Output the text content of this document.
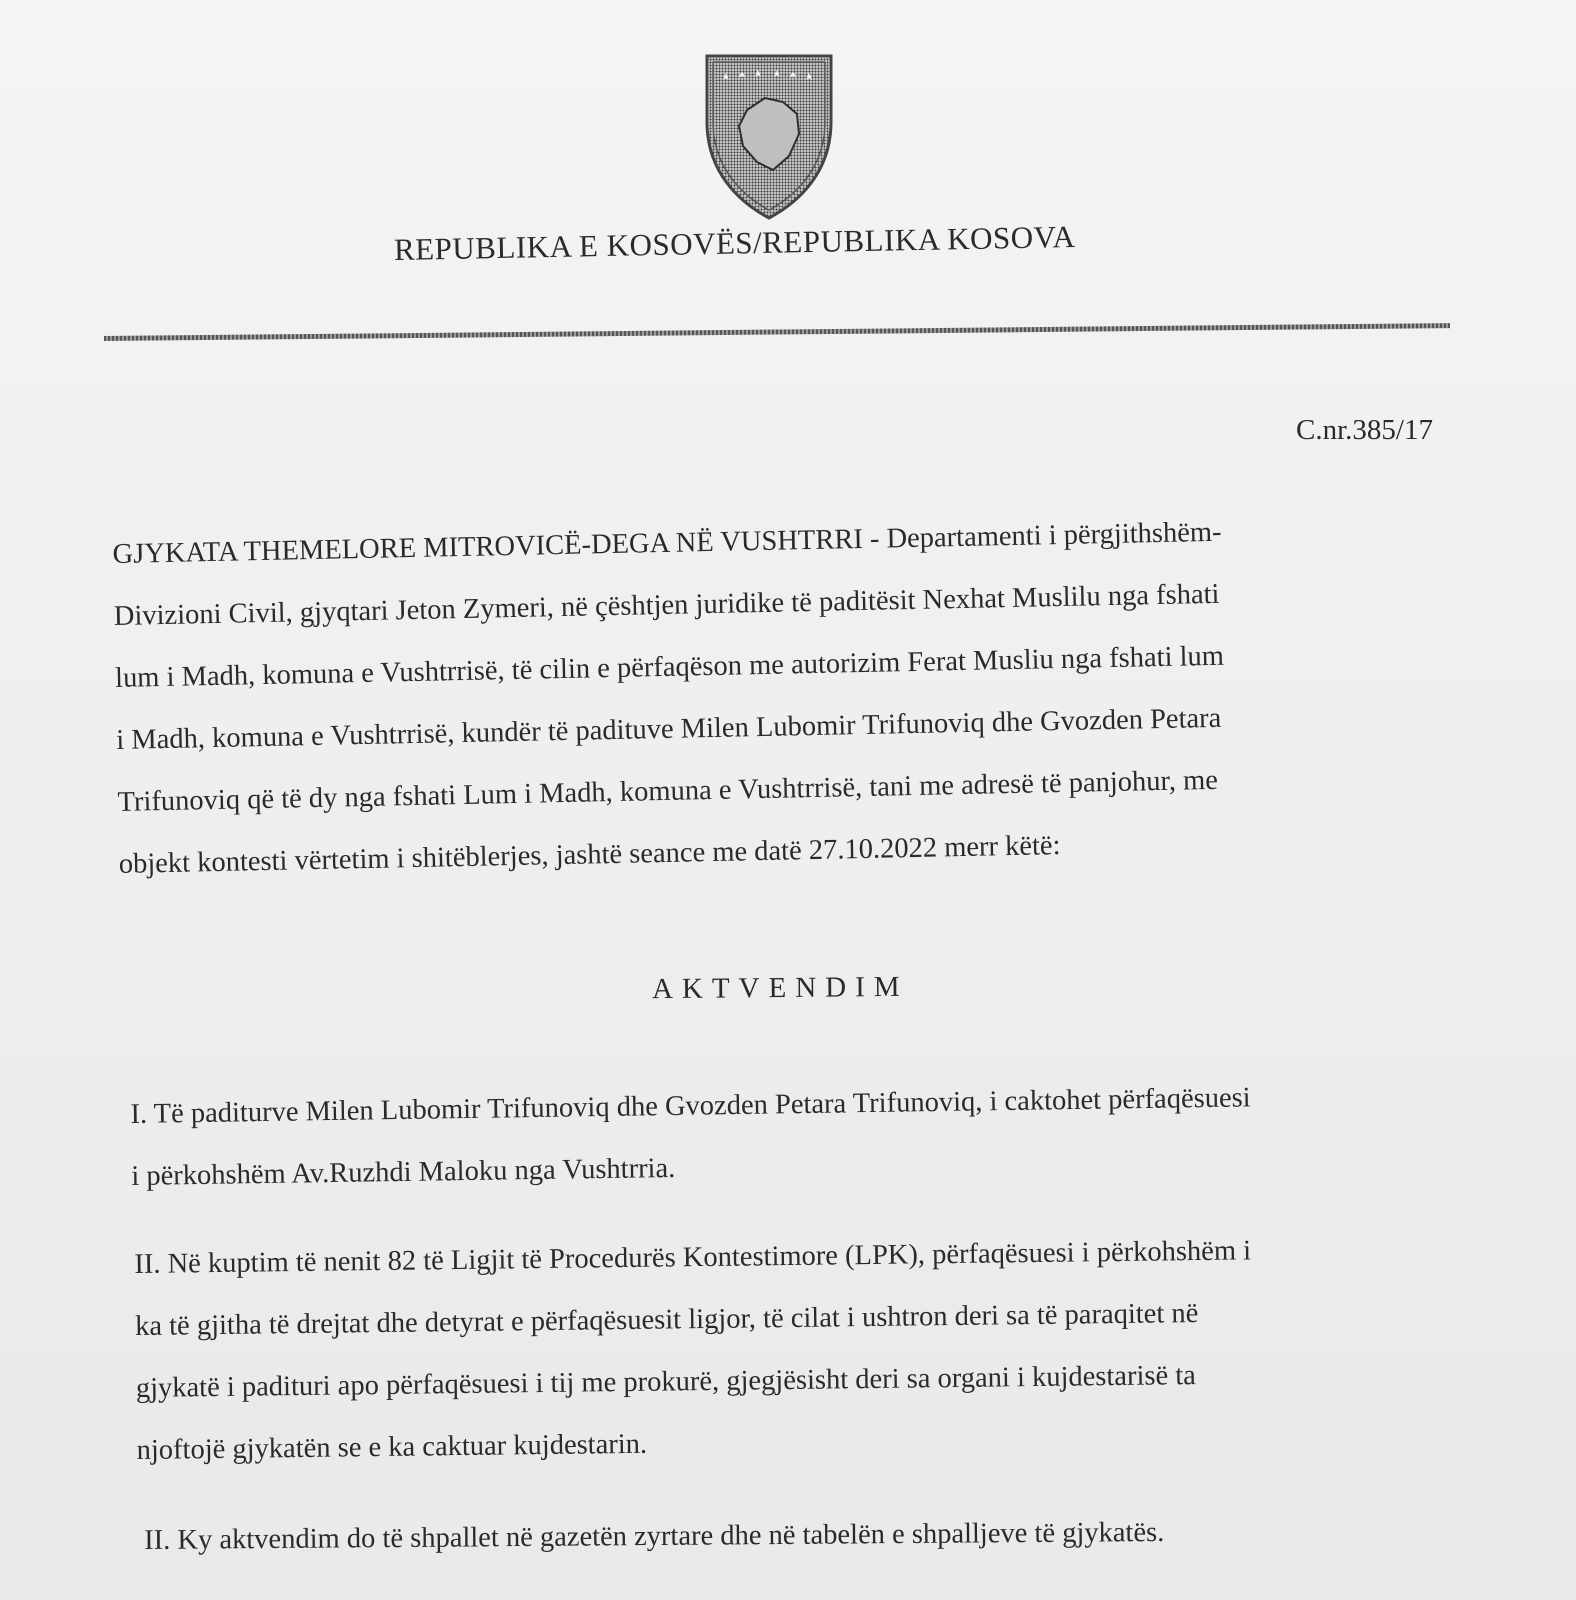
REPUBLIKA E KOSOVËS/REPUBLIKA KOSOVA
C.nr.385/17
GJYKATA THEMELORE MITROVICË-DEGA NË VUSHTRRI - Departamenti i përgjithshëm-
Divizioni Civil, gjyqtari Jeton Zymeri, në çështjen juridike të paditësit Nexhat Muslilu nga fshati
lum i Madh, komuna e Vushtrrisë, të cilin e përfaqëson me autorizim Ferat Musliu nga fshati lum
i Madh, komuna e Vushtrrisë, kundër të padituve Milen Lubomir Trifunoviq dhe Gvozden Petara
Trifunoviq që të dy nga fshati Lum i Madh, komuna e Vushtrrisë, tani me adresë të panjohur, me
objekt kontesti vërtetim i shitëblerjes, jashtë seance me datë 27.10.2022 merr këtë:
AKTVENDIM
I. Të paditurve Milen Lubomir Trifunoviq dhe Gvozden Petara Trifunoviq, i caktohet përfaqësuesi
i përkohshëm Av.Ruzhdi Maloku nga Vushtrria.
II. Në kuptim të nenit 82 të Ligjit të Procedurës Kontestimore (LPK), përfaqësuesi i përkohshëm i
ka të gjitha të drejtat dhe detyrat e përfaqësuesit ligjor, të cilat i ushtron deri sa të paraqitet në
gjykatë i padituri apo përfaqësuesi i tij me prokurë, gjegjësisht deri sa organi i kujdestarisë ta
njoftojë gjykatën se e ka caktuar kujdestarin.
II. Ky aktvendim do të shpallet në gazetën zyrtare dhe në tabelën e shpalljeve të gjykatës.
